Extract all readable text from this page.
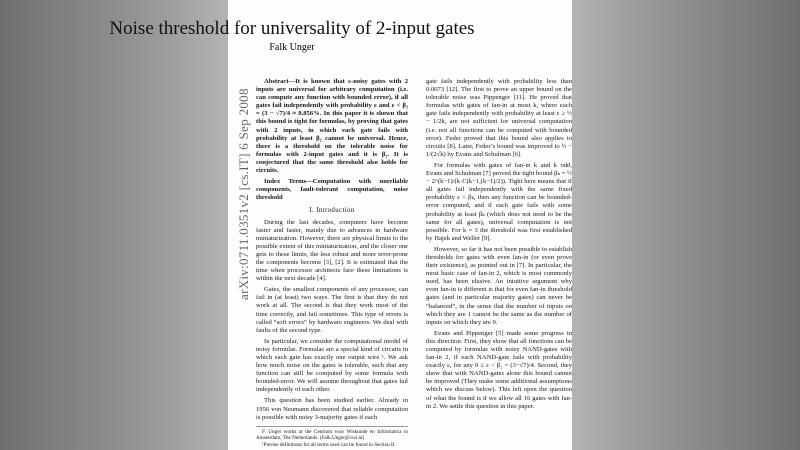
arXiv:0711.0351v2 [cs.IT] 6 Sep 2008
Noise threshold for universality of 2-input gates
Falk Unger

Abstract—It is known that ε-noisy gates with 2 inputs are universal for arbitrary computation (i.e. can compute any function with bounded error), if all gates fail independently with probability ε and ε < β₂ = (3 − √7)/4 ≈ 8.856%. In this paper it is shown that this bound is tight for formulas, by proving that gates with 2 inputs, in which each gate fails with probability at least β₂ cannot be universal. Hence, there is a threshold on the tolerable noise for formulas with 2-input gates and it is β₂. It is conjectured that the same threshold also holds for circuits.

Index Terms—Computation with unreliable components, fault-tolerant computation, noise threshold

I. Introduction

During the last decades, computers have become faster and faster, mainly due to advances in hardware miniaturization. However, there are physical limits to the possible extent of this miniaturization, and the closer one gets to these limits, the less robust and more error-prone the components become [3], [2]. It is estimated that the time when processor architects face these limitations is within the next decade [4].

Gates, the smallest components of any processor, can fail in (at least) two ways. The first is that they do not work at all. The second is that they work most of the time correctly, and fail sometimes. This type of errors is called “soft errors” by hardware engineers. We deal with faults of the second type.

In particular, we consider the computational model of noisy formulas. Formulas are a special kind of circuits in which each gate has exactly one output wire ¹. We ask how much noise on the gates is tolerable, such that any function can still be computed by some formula with bounded-error. We will assume throughout that gates fail independently of each other.

This question has been studied earlier. Already in 1956 von Neumann discovered that reliable computation is possible with noisy 3-majority gates if each

F. Unger works at the Centrum voor Wiskunde en Informatica in Amsterdam, The Netherlands. (Falk.Unger@cwi.nl)

¹Precise definitions for all terms used can be found in Section II.

gate fails independently with probability less than 0.0073 [12]. The first to prove an upper bound on the tolerable noise was Pippenger [11]. He proved that formulas with gates of fan-in at most k, where each gate fails independently with probability at least ε ≥ ½ − 1/2k, are not sufficient for universal computation (i.e. not all functions can be computed with bounded error). Feder proved that this bound also applies to circuits [8]. Later, Feder’s bound was improved to ½ − 1/(2√k) by Evans and Schulman [6].

For formulas with gates of fan-in k and k odd, Evans and Schulman [7] proved the tight bound βₖ = ½ − 2^(k−1)/(k·C(k−1,(k−1)/2)). Tight here means that if all gates fail independently with the same fixed probability ε < βₖ, then any function can be bounded-error computed, and if each gate fails with some probability at least βₖ (which does not need to be the same for all gates), universal computation is not possible. For k = 3 the threshold was first established by Hajek and Weller [9].

However, so far it has not been possible to establish thresholds for gates with even fan-in (or even prove their existence), as pointed out in [7]. In particular, the most basic case of fan-in 2, which is most commonly used, has been elusive. An intuitive argument why even fan-in is different is that for even fan-in threshold gates (and in particular majority gates) can never be “balanced”, in the sense that the number of inputs on which they are 1 cannot be the same as the number of inputs on which they are 0.

Evans and Pippenger [5] made some progress in this direction. First, they show that all functions can be computed by formulas with noisy NAND-gates with fan-in 2, if each NAND-gate fails with probability exactly ε, for any 0 ≤ ε < β₂ = (3−√7)/4. Second, they show that with NAND-gates alone this bound cannot be improved (They make some additional assumptions which we discuss below). This left open the question of what the bound is if we allow all 16 gates with fan-in 2. We settle this question in this paper.
